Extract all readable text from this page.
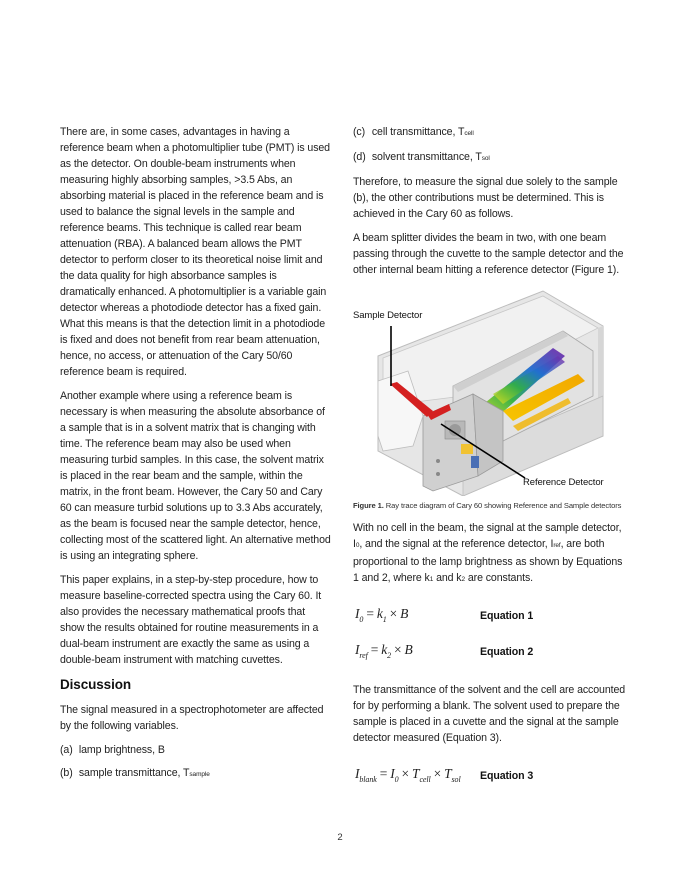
There are, in some cases, advantages in having a reference beam when a photomultiplier tube (PMT) is used as the detector. On double-beam instruments when measuring highly absorbing samples, >3.5 Abs, an absorbing material is placed in the reference beam and is used to balance the signal levels in the sample and reference beams. This technique is called rear beam attenuation (RBA). A balanced beam allows the PMT detector to perform closer to its theoretical noise limit and the data quality for high absorbance samples is dramatically enhanced. A photomultiplier is a variable gain detector whereas a photodiode detector has a fixed gain. What this means is that the detection limit in a photodiode is fixed and does not benefit from rear beam attenuation, hence, no access, or attenuation of the Cary 50/60 reference beam is required.

Another example where using a reference beam is necessary is when measuring the absolute absorbance of a sample that is in a solvent matrix that is changing with time. The reference beam may also be used when measuring turbid samples. In this case, the solvent matrix is placed in the rear beam and the sample, within the matrix, in the front beam. However, the Cary 50 and Cary 60 can measure turbid solutions up to 3.3 Abs accurately, as the beam is focused near the sample detector, hence, collecting most of the scattered light. An alternative method is using an integrating sphere.

This paper explains, in a step-by-step procedure, how to measure baseline-corrected spectra using the Cary 60. It also provides the necessary mathematical proofs that show the results obtained for routine measurements in a dual-beam instrument are exactly the same as using a double-beam instrument with matching cuvettes.

Discussion

The signal measured in a spectrophotometer are affected by the following variables.

(a) lamp brightness, B
(b) sample transmittance, Tsample
(c) cell transmittance, Tcell
(d) solvent transmittance, Tsol

Therefore, to measure the signal due solely to the sample (b), the other contributions must be determined. This is achieved in the Cary 60 as follows.

A beam splitter divides the beam in two, with one beam passing through the cuvette to the sample detector and the other internal beam hitting a reference detector (Figure 1).

Sample Detector
Reference Detector
Figure 1. Ray trace diagram of Cary 60 showing Reference and Sample detectors

With no cell in the beam, the signal at the sample detector, I0, and the signal at the reference detector, Iref, are both proportional to the lamp brightness as shown by Equations 1 and 2, where k1 and k2 are constants.

$I_0 = k_1 \times B$	Equation 1
$I_{ref} = k_2 \times B$	Equation 2

The transmittance of the solvent and the cell are accounted for by performing a blank. The solvent used to prepare the sample is placed in a cuvette and the signal at the sample detector measured (Equation 3).

$I_{blank} = I_0 \times T_{cell} \times T_{sol}$ Equation 3
2
